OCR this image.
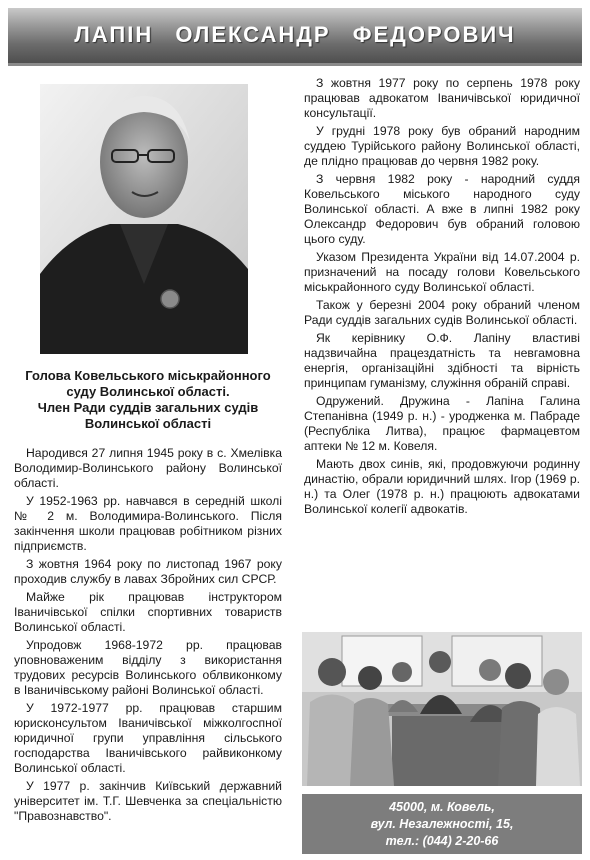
ЛАПІН ОЛЕКСАНДР ФЕДОРОВИЧ
Голова Ковельського міськрайонного
суду Волинської області.
Член Ради суддів загальних судів
Волинської області

Народився 27 липня 1945 року в с. Хмелівка Володимир-Волинського району Волинської області.

У 1952-1963 рр. навчався в середній школі № 2 м. Володимира-Волинського. Після закінчення школи працював робітником різних підприємств.

З жовтня 1964 року по листопад 1967 року проходив службу в лавах Збройних сил СРСР.

Майже рік працював інструктором Іваничівської спілки спортивних товариств Волинської області.

Упродовж 1968-1972 рр. працював уповноваженим відділу з використання трудових ресурсів Волинського облвиконкому в Іваничівському районі Волинської області.

У 1972-1977 рр. працював старшим юрисконсультом Іваничівської міжколгоспної юридичної групи управління сільського господарства Іваничівського райвиконкому Волинської області.

У 1977 р. закінчив Київський державний університет ім. Т.Г. Шевченка за спеціальністю "Правознавство".

З жовтня 1977 року по серпень 1978 року працював адвокатом Іваничівської юридичної консультації.

У грудні 1978 року був обраний народним суддею Турійського району Волинської області, де плідно працював до червня 1982 року.

З червня 1982 року - народний суддя Ковельського міського народного суду Волинської області. А вже в липні 1982 року Олександр Федорович був обраний головою цього суду.

Указом Президента України від 14.07.2004 р. призначений на посаду голови Ковельського міськрайонного суду Волинської області.

Також у березні 2004 року обраний членом Ради суддів загальних судів Волинської області.

Як керівнику О.Ф. Лапіну властиві надзвичайна працездатність та невгамовна енергія, організаційні здібності та вірність принципам гуманізму, служіння обраній справі.

Одружений. Дружина - Лапіна Галина Степанівна (1949 р. н.) - уродженка м. Пабраде (Республіка Литва), працює фармацевтом аптеки № 12 м. Ковеля.

Мають двох синів, які, продовжуючи родинну династію, обрали юридичний шлях. Ігор (1969 р. н.) та Олег (1978 р. н.) працюють адвокатами Волинської колегії адвокатів.

45000, м. Ковель,
вул. Незалежності, 15,
тел.: (044) 2-20-66
